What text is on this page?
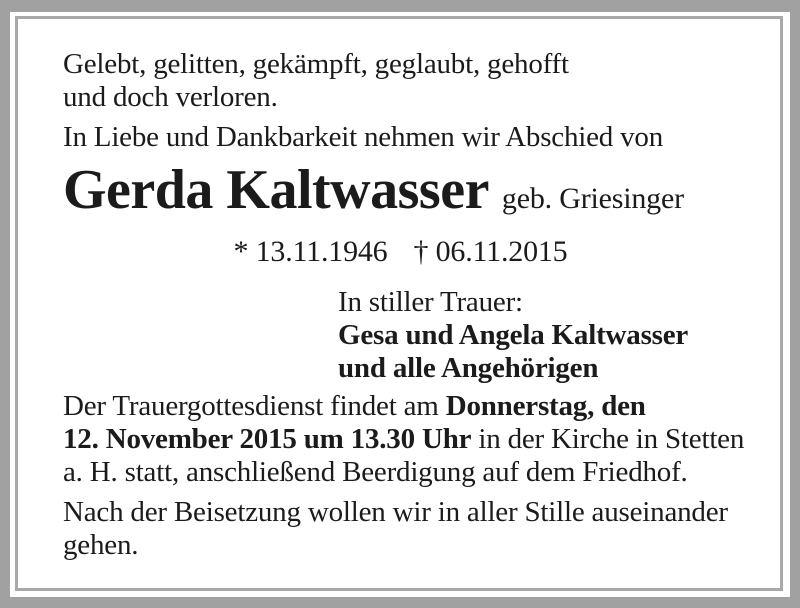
Gelebt, gelitten, gekämpft, geglaubt, gehofft
und doch verloren.
In Liebe und Dankbarkeit nehmen wir Abschied von
Gerda Kaltwasser geb. Griesinger
* 13.11.1946 † 06.11.2015
In stiller Trauer:
Gesa und Angela Kaltwasser
und alle Angehörigen
Der Trauergottesdienst findet am Donnerstag, den
12. November 2015 um 13.30 Uhr in der Kirche in Stetten
a. H. statt, anschließend Beerdigung auf dem Friedhof.
Nach der Beisetzung wollen wir in aller Stille auseinander
gehen.
